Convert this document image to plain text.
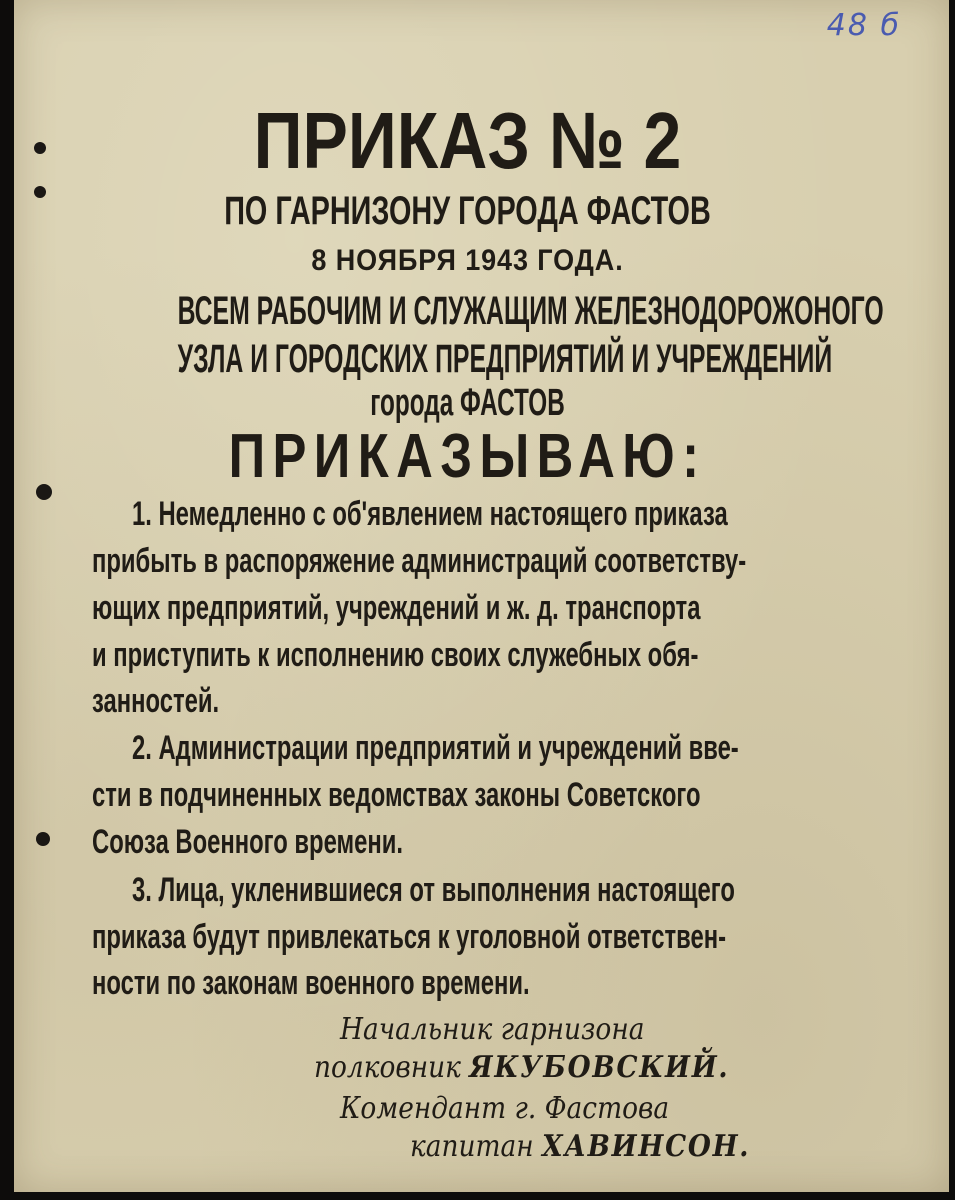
48 б
ПРИКАЗ № 2
ПО ГАРНИЗОНУ ГОРОДА ФАСТОВ
8 НОЯБРЯ 1943 ГОДА.
ВСЕМ РАБОЧИМ И СЛУЖАЩИМ ЖЕЛЕЗНОДОРОЖОНОГО
УЗЛА И ГОРОДСКИХ ПРЕДПРИЯТИЙ И УЧРЕЖДЕНИЙ
города ФАСТОВ
ПРИКАЗЫВАЮ:
1. Немедленно с об'явлением настоящего приказа
прибыть в распоряжение администраций соответству-
ющих предприятий, учреждений и ж. д. транспорта
и приступить к исполнению своих служебных обя-
занностей.
2. Администрации предприятий и учреждений вве-
сти в подчиненных ведомствах законы Советского
Союза Военного времени.
3. Лица, укленившиеся от выполнения настоящего
приказа будут привлекаться к уголовной ответствен-
ности по законам военного времени.
Начальник гарнизона
полковник ЯКУБОВСКИЙ.
Комендант г. Фастова
капитан ХАВИНСОН.
